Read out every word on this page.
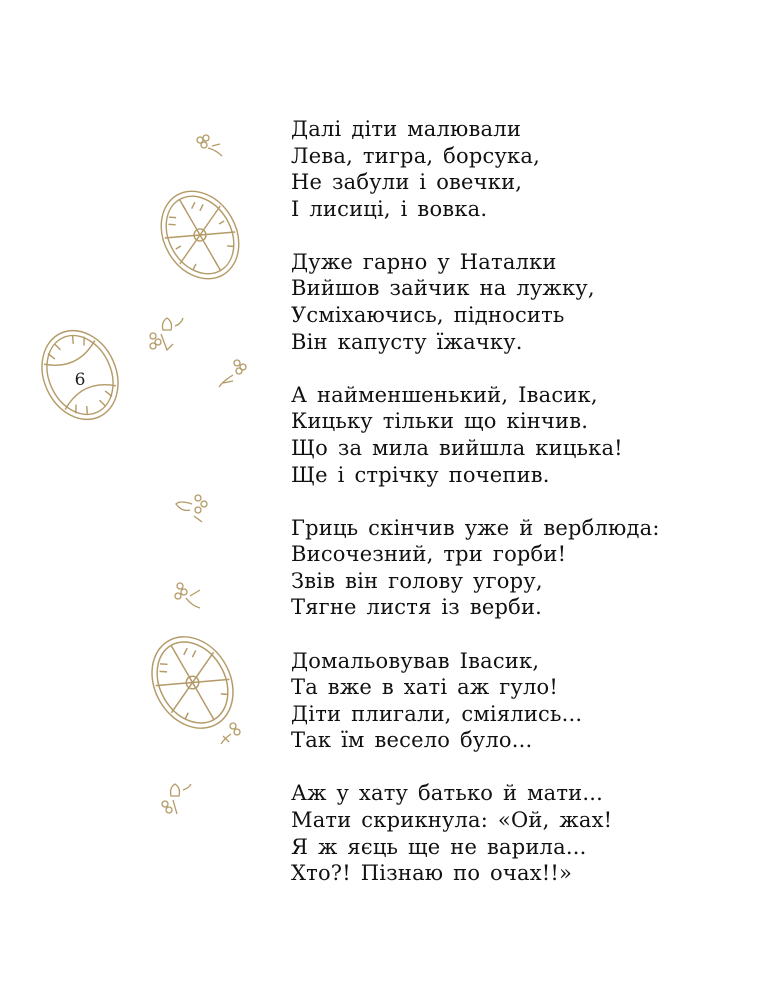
6
Далі діти малювали
Лева, тигра, борсука,
Не забули і овечки,
І лисиці, і вовка.
Дуже гарно у Наталки
Вийшов зайчик на лужку,
Усміхаючись, підносить
Він капусту їжачку.
А найменшенький, Івасик,
Кицьку тільки що кінчив.
Що за мила вийшла кицька!
Ще і стрічку почепив.
Гриць скінчив уже й верблюда:
Височезний, три горби!
Звів він голову угору,
Тягне листя із верби.
Домальовував Івасик,
Та вже в хаті аж гуло!
Діти плигали, сміялись...
Так їм весело було...
Аж у хату батько й мати...
Мати скрикнула: «Ой, жах!
Я ж яєць ще не варила...
Хто?! Пізнаю по очах!!»
